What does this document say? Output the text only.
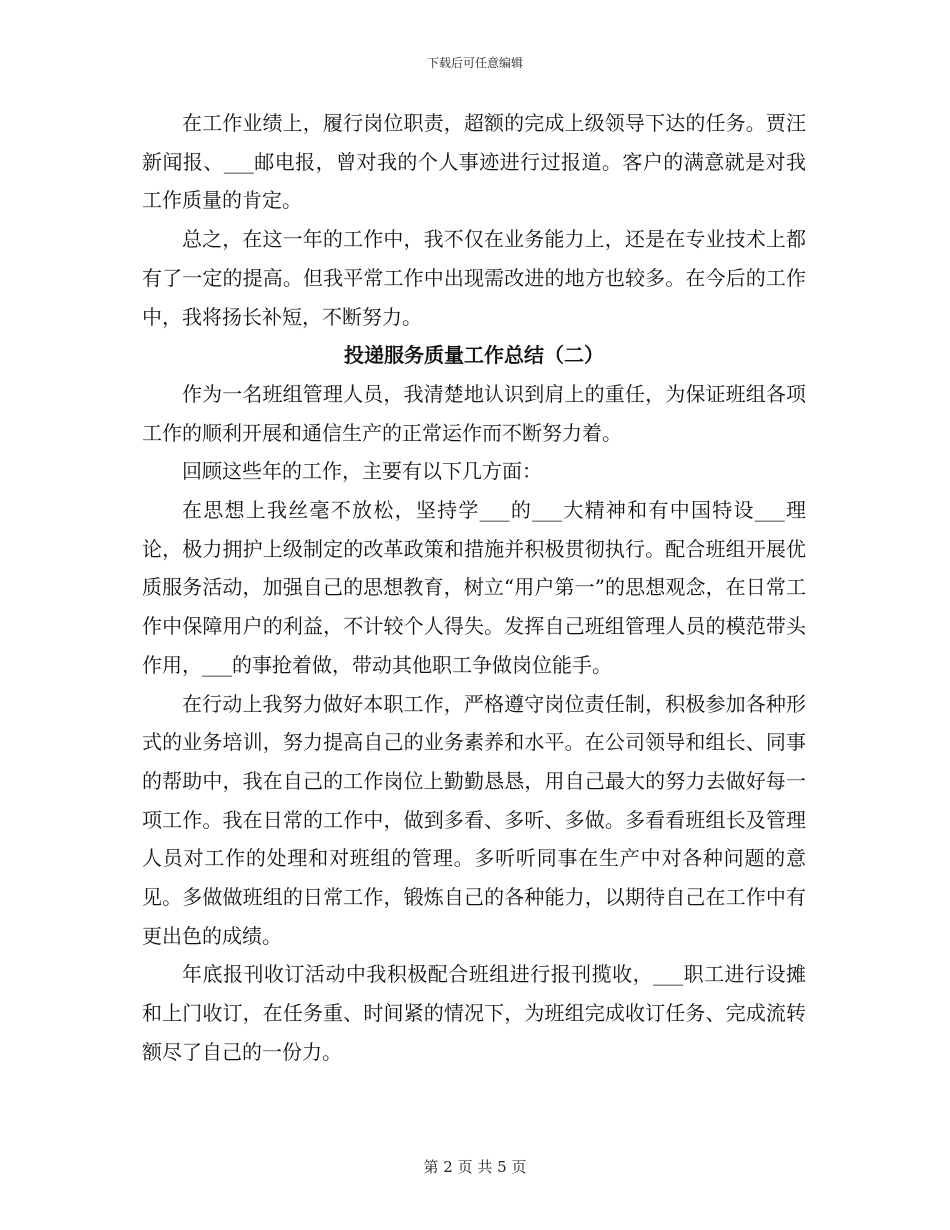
下载后可任意编辑

在工作业绩上，履行岗位职责，超额的完成上级领导下达的任务。贾汪新闻报、___邮电报，曾对我的个人事迹进行过报道。客户的满意就是对我工作质量的肯定。

总之，在这一年的工作中，我不仅在业务能力上，还是在专业技术上都有了一定的提高。但我平常工作中出现需改进的地方也较多。在今后的工作中，我将扬长补短，不断努力。

投递服务质量工作总结（二）

作为一名班组管理人员，我清楚地认识到肩上的重任，为保证班组各项工作的顺利开展和通信生产的正常运作而不断努力着。

回顾这些年的工作，主要有以下几方面：

在思想上我丝毫不放松，坚持学___的___大精神和有中国特设___理论，极力拥护上级制定的改革政策和措施并积极贯彻执行。配合班组开展优质服务活动，加强自己的思想教育，树立“用户第一”的思想观念，在日常工作中保障用户的利益，不计较个人得失。发挥自己班组管理人员的模范带头作用，___的事抢着做，带动其他职工争做岗位能手。

在行动上我努力做好本职工作，严格遵守岗位责任制，积极参加各种形式的业务培训，努力提高自己的业务素养和水平。在公司领导和组长、同事的帮助中，我在自己的工作岗位上勤勤恳恳，用自己最大的努力去做好每一项工作。我在日常的工作中，做到多看、多听、多做。多看看班组长及管理人员对工作的处理和对班组的管理。多听听同事在生产中对各种问题的意见。多做做班组的日常工作，锻炼自己的各种能力，以期待自己在工作中有更出色的成绩。

年底报刊收订活动中我积极配合班组进行报刊揽收，___职工进行设摊和上门收订，在任务重、时间紧的情况下，为班组完成收订任务、完成流转额尽了自己的一份力。

第 2 页 共 5 页
